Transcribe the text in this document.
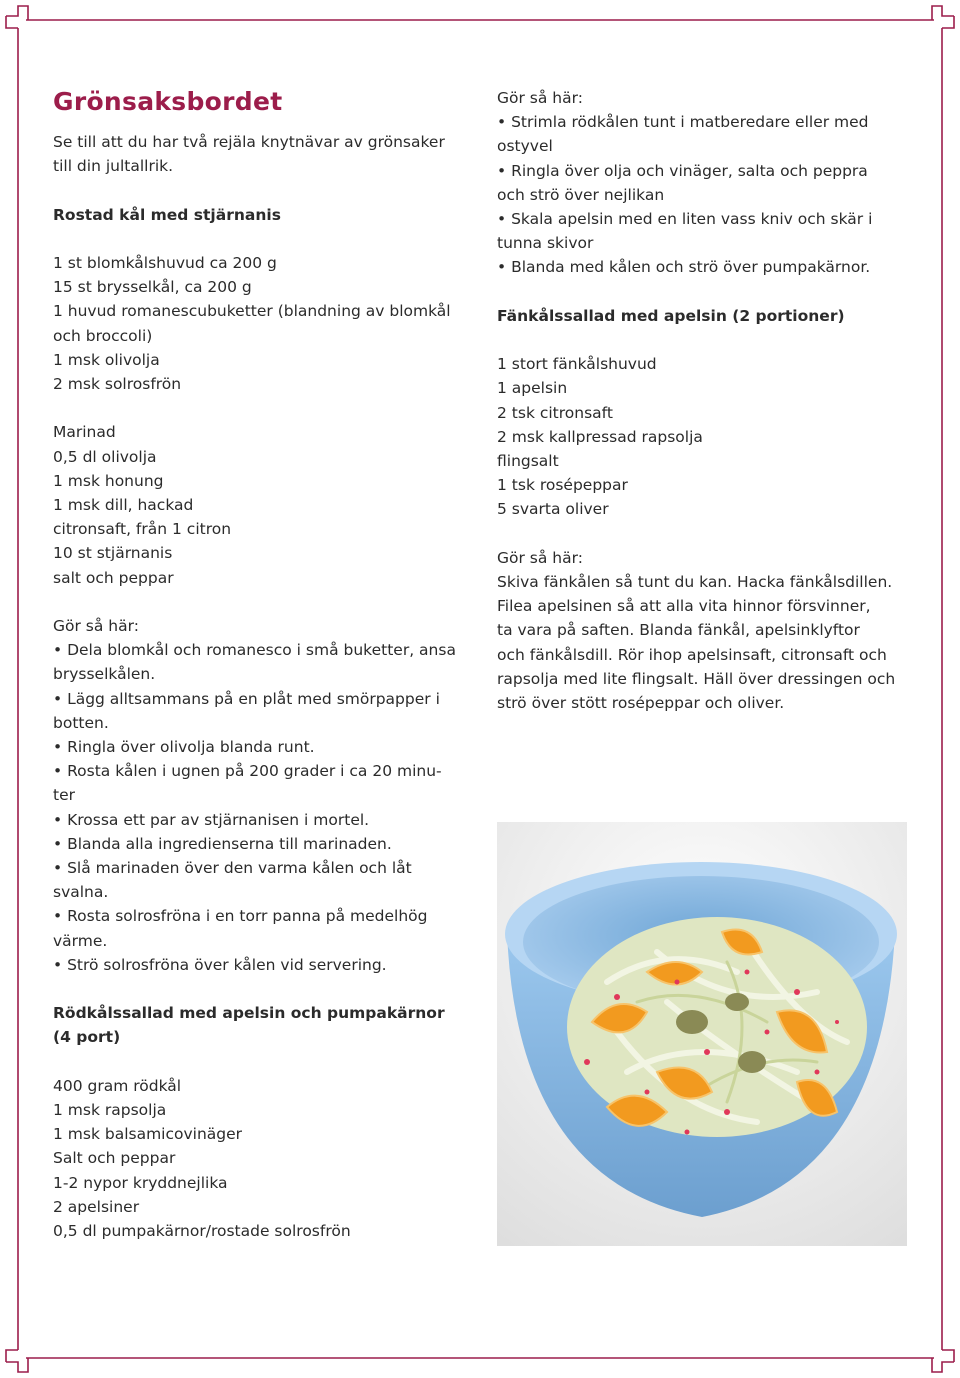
Grönsaksbordet
Se till att du har två rejäla knytnävar av grönsaker
till din jultallrik.
Rostad kål med stjärnanis
1 st blomkålshuvud ca 200 g
15 st brysselkål, ca 200 g
1 huvud romanescubuketter (blandning av blomkål
och broccoli)
1 msk olivolja
2 msk solrosfrön
Marinad
0,5 dl olivolja
1 msk honung
1 msk dill, hackad
citronsaft, från 1 citron
10 st stjärnanis
salt och peppar
Gör så här:
• Dela blomkål och romanesco i små buketter, ansa
brysselkålen.
• Lägg alltsammans på en plåt med smörpapper i
botten.
• Ringla över olivolja blanda runt.
• Rosta kålen i ugnen på 200 grader i ca 20 minu-
ter
• Krossa ett par av stjärnanisen i mortel.
• Blanda alla ingredienserna till marinaden.
• Slå marinaden över den varma kålen och låt
svalna.
• Rosta solrosfröna i en torr panna på medelhög
värme.
• Strö solrosfröna över kålen vid servering.
Rödkålssallad med apelsin och pumpakärnor
(4 port)
400 gram rödkål
1 msk rapsolja
1 msk balsamicovinäger
Salt och peppar
1-2 nypor kryddnejlika
2 apelsiner
0,5 dl pumpakärnor/rostade solrosfrön
Gör så här:
• Strimla rödkålen tunt i matberedare eller med
ostyvel
• Ringla över olja och vinäger, salta och peppra
och strö över nejlikan
• Skala apelsin med en liten vass kniv och skär i
tunna skivor
• Blanda med kålen och strö över pumpakärnor.
Fänkålssallad med apelsin (2 portioner)
1 stort fänkålshuvud
1 apelsin
2 tsk citronsaft
2 msk kallpressad rapsolja
flingsalt
1 tsk rosépeppar
5 svarta oliver
Gör så här:
Skiva fänkålen så tunt du kan. Hacka fänkålsdillen.
Filea apelsinen så att alla vita hinnor försvinner,
ta vara på saften. Blanda fänkål, apelsinklyftor
och fänkålsdill. Rör ihop apelsinsaft, citronsaft och
rapsolja med lite flingsalt. Häll över dressingen och
strö över stött rosépeppar och oliver.
